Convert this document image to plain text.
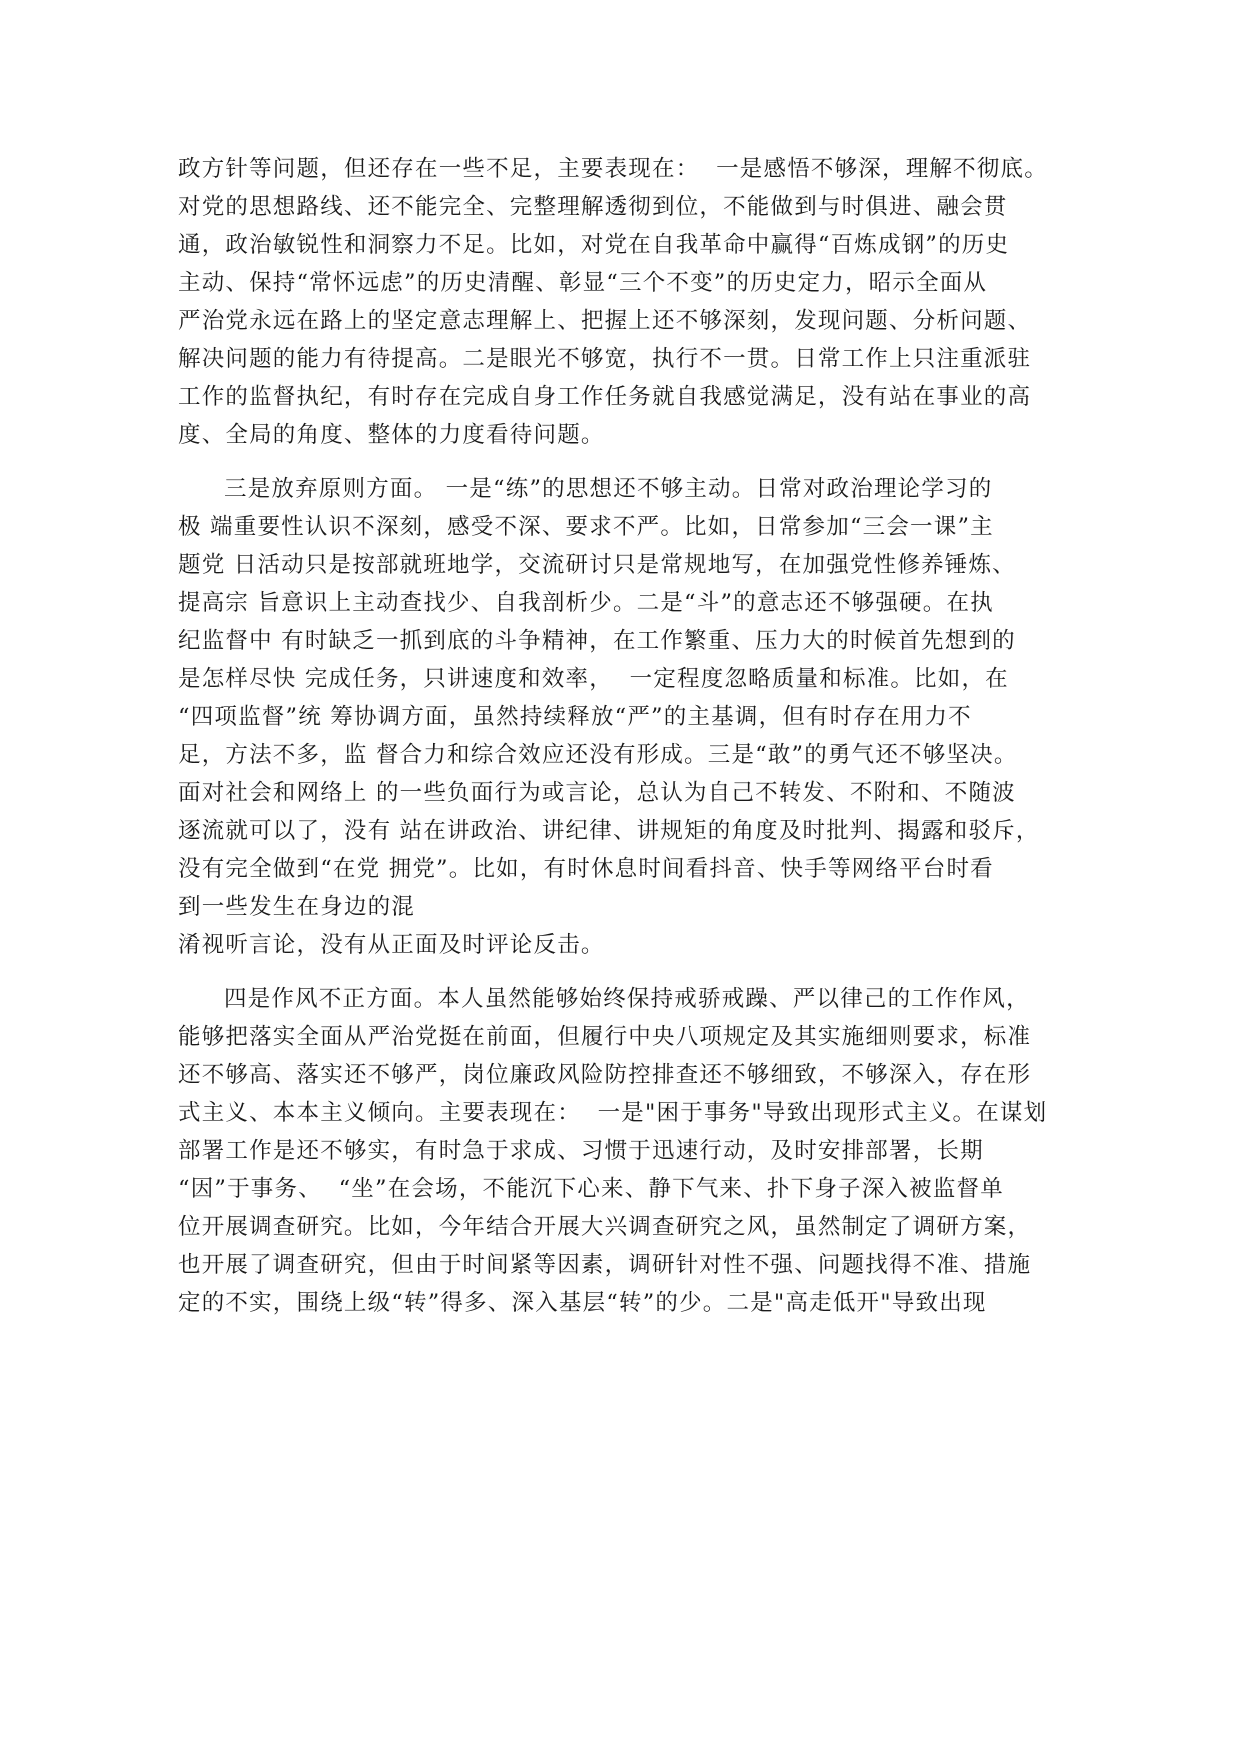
政方针等问题，但还存在一些不足，主要表现在：  一是感悟不够深，理解不彻底。
对党的思想路线、还不能完全、完整理解透彻到位，不能做到与时俱进、融会贯
通，政治敏锐性和洞察力不足。比如，对党在自我革命中赢得“百炼成钢”的历史
主动、保持“常怀远虑”的历史清醒、彰显“三个不变”的历史定力，昭示全面从
严治党永远在路上的坚定意志理解上、把握上还不够深刻，发现问题、分析问题、
解决问题的能力有待提高。二是眼光不够宽，执行不一贯。日常工作上只注重派驻
工作的监督执纪，有时存在完成自身工作任务就自我感觉满足，没有站在事业的高
度、全局的角度、整体的力度看待问题。
三是放弃原则方面。 一是“练”的思想还不够主动。日常对政治理论学习的
极 端重要性认识不深刻，感受不深、要求不严。比如，日常参加“三会一课”主
题党 日活动只是按部就班地学，交流研讨只是常规地写，在加强党性修养锤炼、
提高宗 旨意识上主动查找少、自我剖析少。二是“斗”的意志还不够强硬。在执
纪监督中 有时缺乏一抓到底的斗争精神，在工作繁重、压力大的时候首先想到的
是怎样尽快 完成任务，只讲速度和效率，  一定程度忽略质量和标准。比如，在
“四项监督”统 筹协调方面，虽然持续释放“严”的主基调，但有时存在用力不
足，方法不多，监 督合力和综合效应还没有形成。三是“敢”的勇气还不够坚决。
面对社会和网络上 的一些负面行为或言论，总认为自己不转发、不附和、不随波
逐流就可以了，没有 站在讲政治、讲纪律、讲规矩的角度及时批判、揭露和驳斥，
没有完全做到“在党 拥党”。比如，有时休息时间看抖音、快手等网络平台时看
到一些发生在身边的混
淆视听言论，没有从正面及时评论反击。
四是作风不正方面。本人虽然能够始终保持戒骄戒躁、严以律己的工作作风，
能够把落实全面从严治党挺在前面，但履行中央八项规定及其实施细则要求，标准
还不够高、落实还不够严，岗位廉政风险防控排查还不够细致，不够深入，存在形
式主义、本本主义倾向。主要表现在：  一是"困于事务"导致出现形式主义。在谋划
部署工作是还不够实，有时急于求成、习惯于迅速行动，及时安排部署，长期
“因”于事务、  “坐”在会场，不能沉下心来、静下气来、扑下身子深入被监督单
位开展调查研究。比如，今年结合开展大兴调查研究之风，虽然制定了调研方案，
也开展了调查研究，但由于时间紧等因素，调研针对性不强、问题找得不准、措施
定的不实，围绕上级“转”得多、深入基层“转”的少。二是"高走低开"导致出现
